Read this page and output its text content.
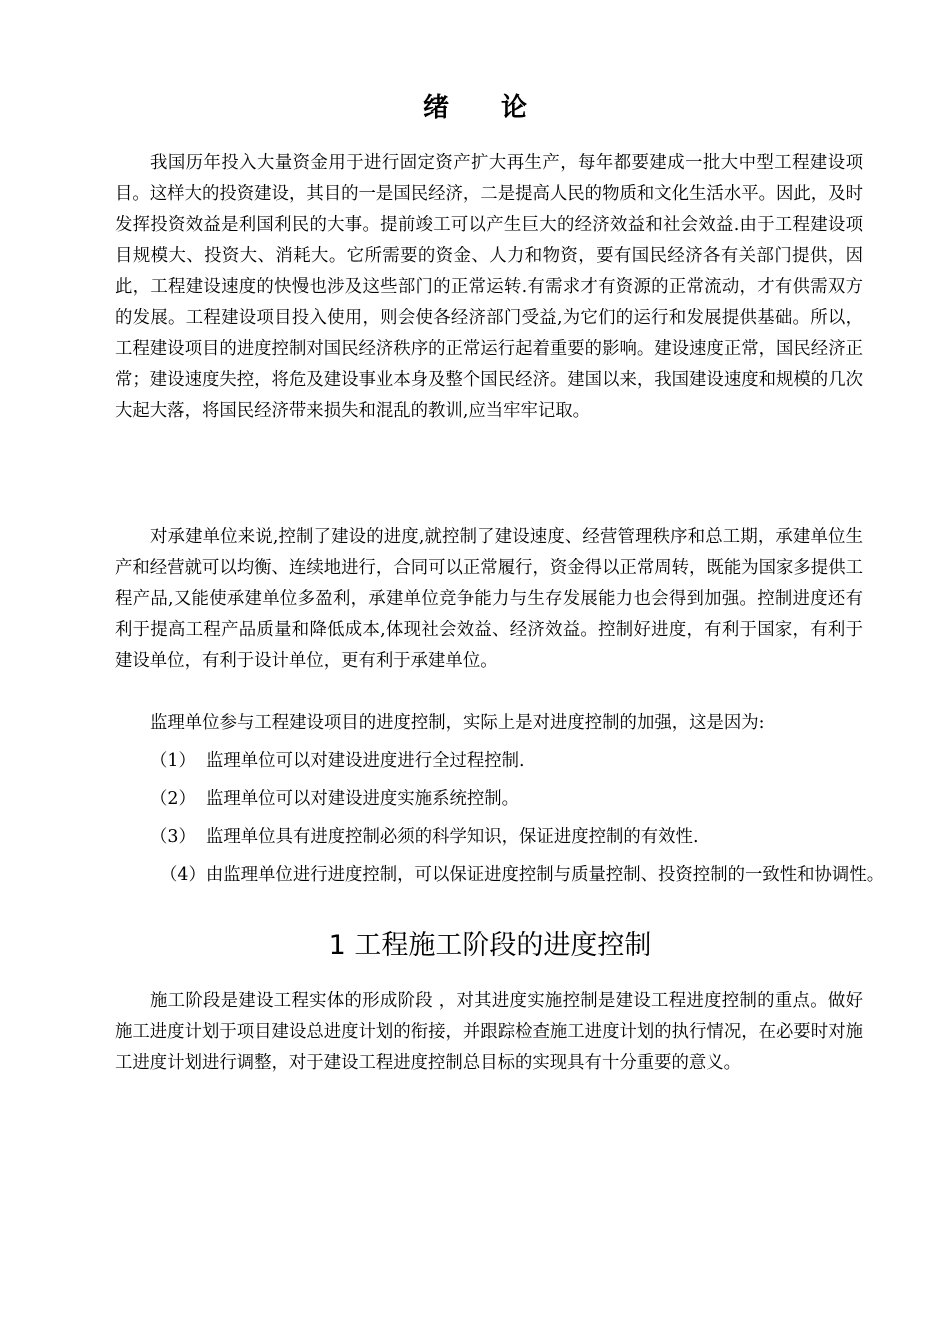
绪论

我国历年投入大量资金用于进行固定资产扩大再生产，每年都要建成一批大中型工程建设项目。这样大的投资建设，其目的一是国民经济，二是提高人民的物质和文化生活水平。因此，及时发挥投资效益是利国利民的大事。提前竣工可以产生巨大的经济效益和社会效益.由于工程建设项目规模大、投资大、消耗大。它所需要的资金、人力和物资，要有国民经济各有关部门提供，因此，工程建设速度的快慢也涉及这些部门的正常运转.有需求才有资源的正常流动，才有供需双方的发展。工程建设项目投入使用，则会使各经济部门受益,为它们的运行和发展提供基础。所以，工程建设项目的进度控制对国民经济秩序的正常运行起着重要的影响。建设速度正常，国民经济正常；建设速度失控，将危及建设事业本身及整个国民经济。建国以来，我国建设速度和规模的几次大起大落，将国民经济带来损失和混乱的教训,应当牢牢记取。

对承建单位来说,控制了建设的进度,就控制了建设速度、经营管理秩序和总工期，承建单位生产和经营就可以均衡、连续地进行，合同可以正常履行，资金得以正常周转，既能为国家多提供工程产品,又能使承建单位多盈利，承建单位竞争能力与生存发展能力也会得到加强。控制进度还有利于提高工程产品质量和降低成本,体现社会效益、经济效益。控制好进度，有利于国家，有利于建设单位，有利于设计单位，更有利于承建单位。

监理单位参与工程建设项目的进度控制，实际上是对进度控制的加强，这是因为:

（1） 监理单位可以对建设进度进行全过程控制.

（2） 监理单位可以对建设进度实施系统控制。

（3） 监理单位具有进度控制必须的科学知识，保证进度控制的有效性.

（4）由监理单位进行进度控制，可以保证进度控制与质量控制、投资控制的一致性和协调性。

1 工程施工阶段的进度控制

施工阶段是建设工程实体的形成阶段 ，对其进度实施控制是建设工程进度控制的重点。做好施工进度计划于项目建设总进度计划的衔接，并跟踪检查施工进度计划的执行情况，在必要时对施工进度计划进行调整，对于建设工程进度控制总目标的实现具有十分重要的意义。
